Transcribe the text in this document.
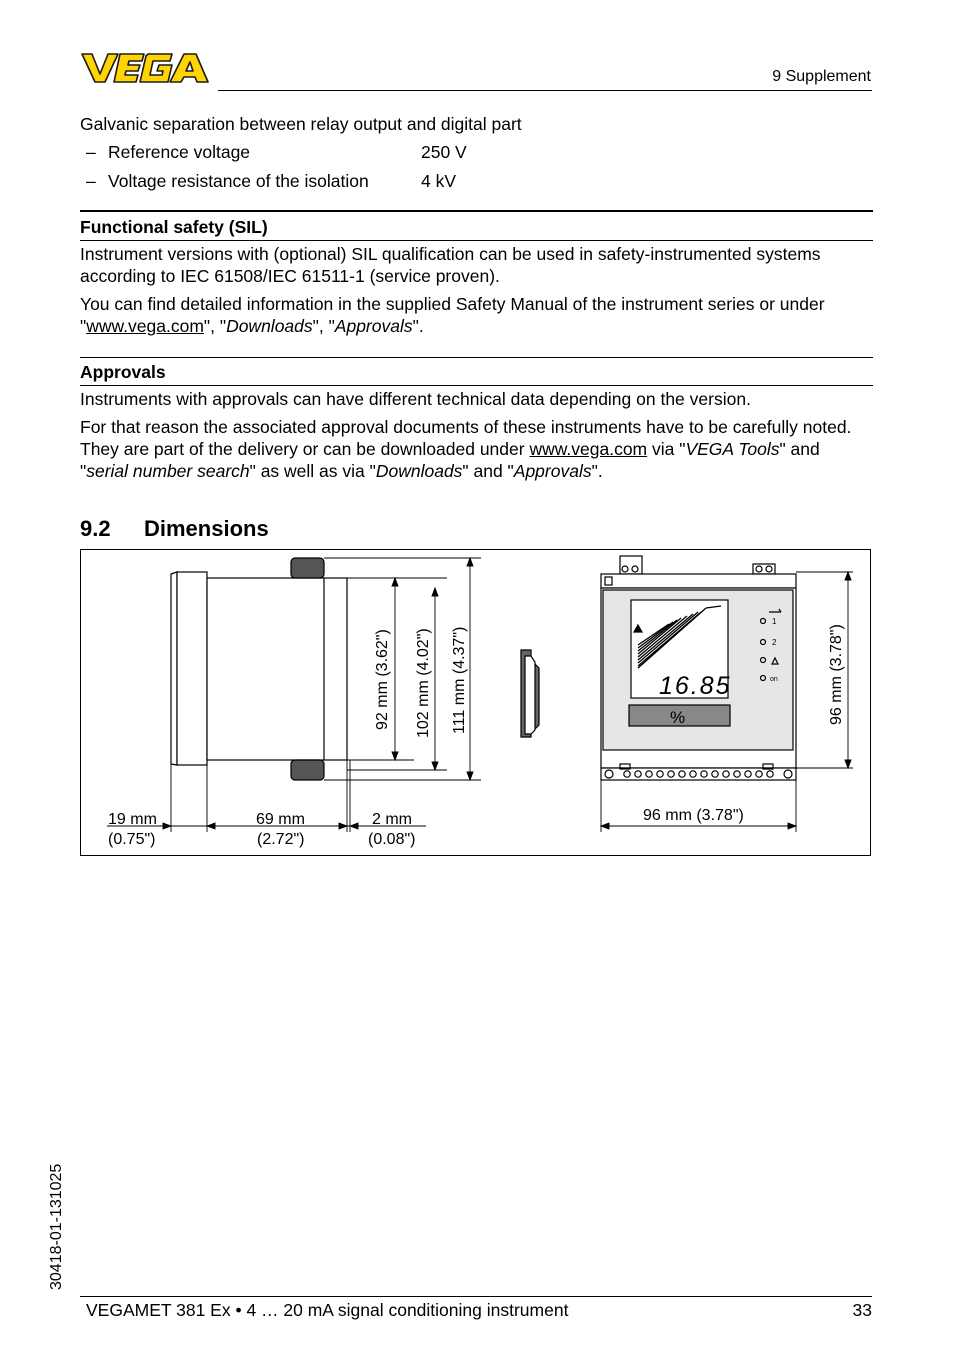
9 Supplement
Galvanic separation between relay output and digital part
– Reference voltage	250 V
– Voltage resistance of the isolation	4 kV
Functional safety (SIL)
Instrument versions with (optional) SIL qualification can be used in safety-instrumented systems according to IEC 61508/IEC 61511-1 (service proven).
You can find detailed information in the supplied Safety Manual of the instrument series or under "www.vega.com", "Downloads", "Approvals".
Approvals
Instruments with approvals can have different technical data depending on the version.
For that reason the associated approval documents of these instruments have to be carefully noted. They are part of the delivery or can be downloaded under www.vega.com via "VEGA Tools" and "serial number search" as well as via "Downloads" and "Approvals".
9.2 Dimensions
19 mm
(0.75")
69 mm
(2.72")
2 mm
(0.08")
92 mm (3.62") 102 mm (4.02") 111 mm (4.37")	96 mm (3.78")
96 mm (3.78")
16.85
%
1
2
on
30418-01-131025
VEGAMET 381 Ex • 4 … 20 mA signal conditioning instrument	33
